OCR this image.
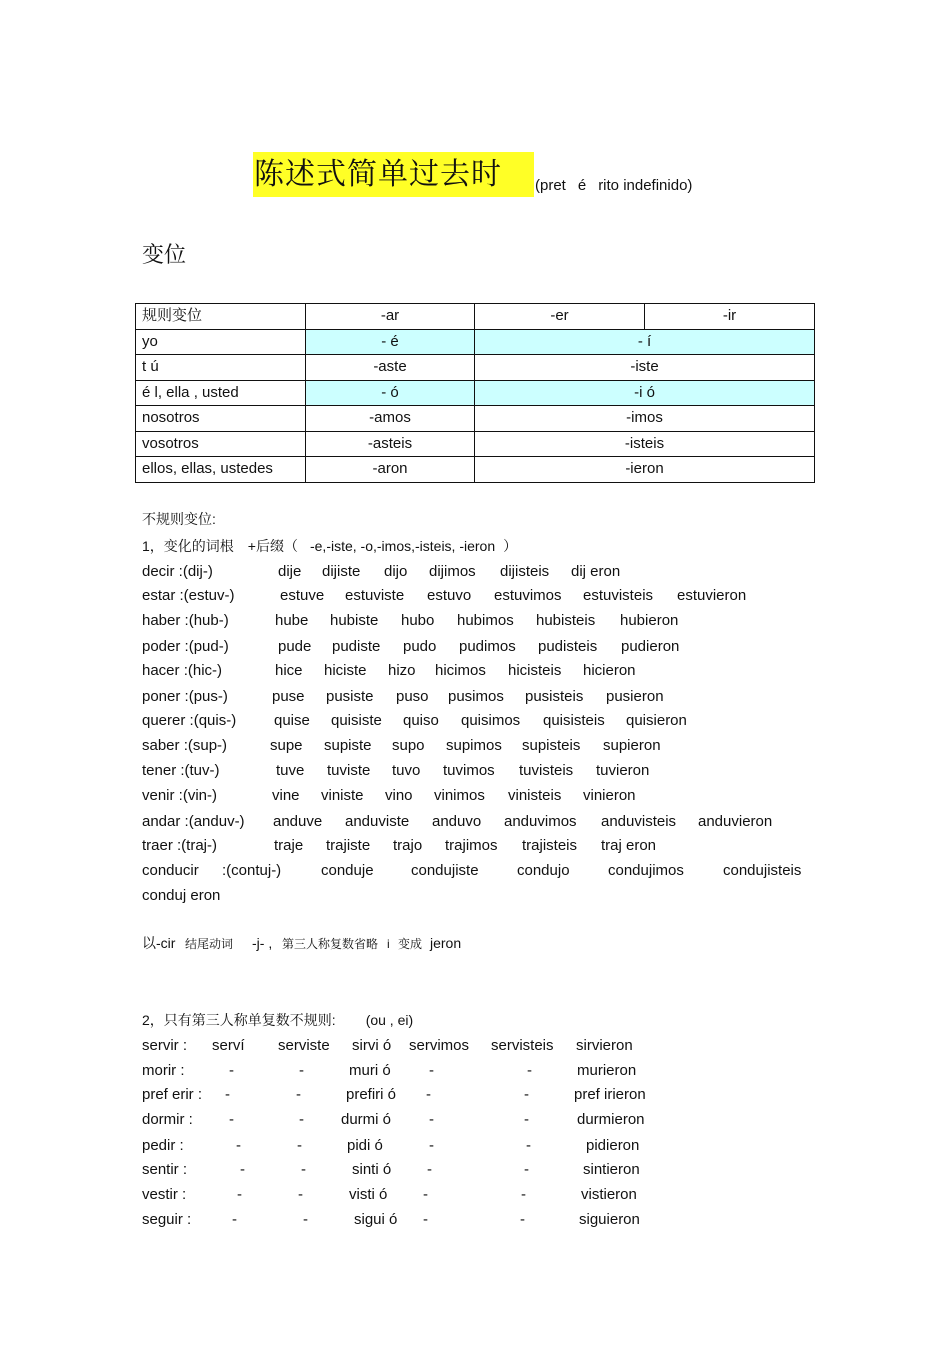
陈述式简单过去时 (pret é rito indefinido)
变位
规则变位	-ar	-er	-ir
yo	- é	- í	
t ú	-aste	-iste	
é l, ella , usted	- ó	-i ó	
nosotros	-amos	-imos	
vosotros	-asteis	-isteis	
ellos, ellas, ustedes	-aron	-ieron	
不规则变位:
1，变化的词根 +后缀（ -e,-iste, -o,-imos,-isteis, -ieron ）
decir :(dij-)	dije dijiste dijo dijimos dijisteis dij eron
estar :(estuv-)	estuve estuviste estuvo estuvimos estuvisteis estuvieron
haber :(hub-)	hube hubiste hubo hubimos hubisteis hubieron
poder :(pud-)	pude pudiste pudo pudimos pudisteis pudieron
hacer :(hic-)	hice hiciste hizo hicimos hicisteis hicieron
poner :(pus-)	puse pusiste puso pusimos pusisteis pusieron
querer :(quis-)	quise quisiste quiso quisimos quisisteis quisieron
saber :(sup-)	supe supiste supo supimos supisteis supieron
tener :(tuv-)	tuve tuviste tuvo tuvimos tuvisteis tuvieron
venir :(vin-)	vine viniste vino vinimos vinisteis vinieron
andar :(anduv-) anduve anduviste anduvo anduvimos anduvisteis anduvieron
traer :(traj-)	traje trajiste trajo trajimos trajisteis traj eron
conducir :(contuj-)	conduje condujiste	condujo	condujimos	condujisteis
conduj eron
以-cir 结尾动词 -j- , 第三人称复数省略 i 变成 jeron
2，只有第三人称单复数不规则: (ou , ei)
servir : serví serviste sirvi ó servimos servisteis sirvieron
morir :	-	-	muri ó	-	-	murieron
pref erir : -	-	prefiri ó -	-	pref irieron
dormir : -	- durmi ó	-	-	durmieron
pedir :	-	-	pidi ó	-	-	pidieron
sentir :	-	-	sinti ó -	-	sintieron
vestir :	-	-	visti ó -	-	vistieron
seguir :	-	-	sigui ó -	-	siguieron
